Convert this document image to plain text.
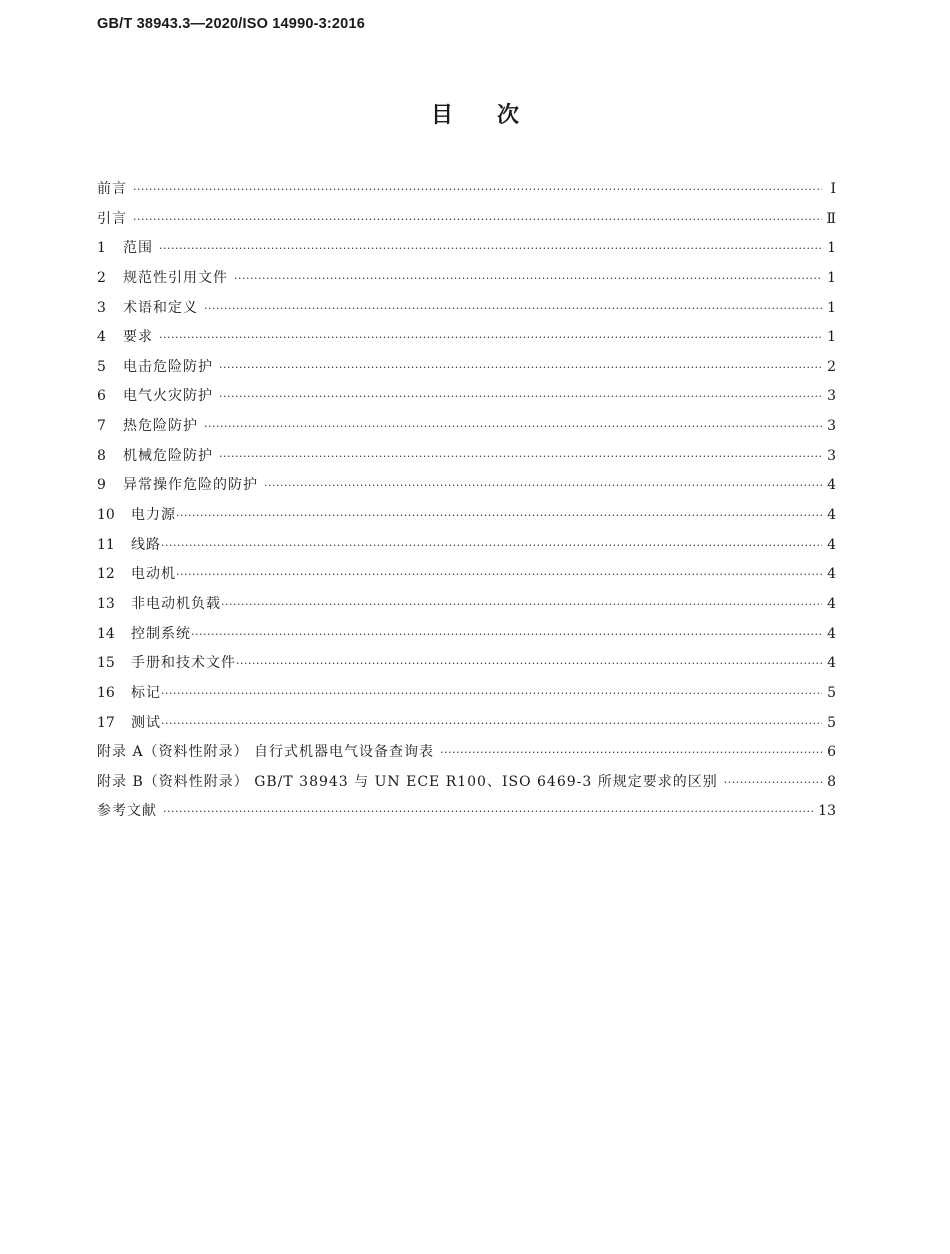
GB/T 38943.3—2020/ISO 14990-3:2016
目次
前言 ·····	Ⅰ
引言 ·····	Ⅱ
1	范围 ·····	1
2	规范性引用文件 ·····	1
3	术语和定义 ·····	1
4	要求 ·····	1
5	电击危险防护 ·····	2
6	电气火灾防护 ·····	3
7	热危险防护 ·····	3
8	机械危险防护 ·····	3
9	异常操作危险的防护 ·····	4
10	电力源 ·····	4
11	线路 ·····	4
12	电动机 ·····	4
13	非电动机负载 ·····	4
14	控制系统 ·····	4
15	手册和技术文件 ·····	4
16	标记 ·····	5
17	测试 ·····	5
附录 A（资料性附录） 自行式机器电气设备查询表 ·····	6
附录 B（资料性附录） GB/T 38943 与 UN ECE R100、ISO 6469-3 所规定要求的区别 ·····	8
参考文献 ·····	13
